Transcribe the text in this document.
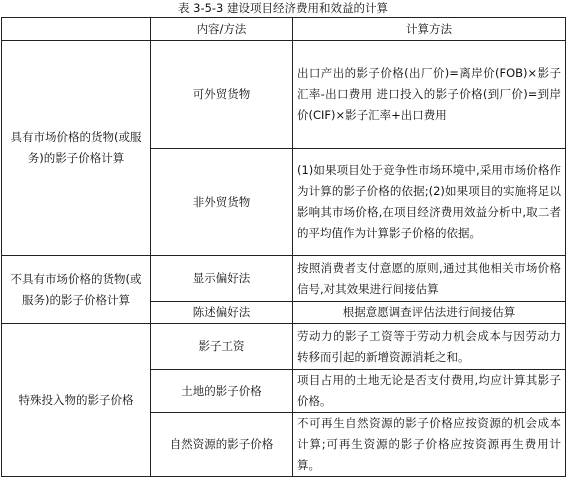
表 3-5-3 建设项目经济费用和效益的计算
	内容/方法	计算方法
具有市场价格的货物(或服务)的影子价格计算	可外贸货物	出口产出的影子价格(出厂价)=离岸价(FOB)×影子汇率-出口费用 进口投入的影子价格(到厂价)=到岸价(CIF)×影子汇率+出口费用
	非外贸货物	(1)如果项目处于竞争性市场环境中,采用市场价格作为计算的影子价格的依据;(2)如果项目的实施将足以影响其市场价格,在项目经济费用效益分析中,取二者的平均值作为计算影子价格的依据。
不具有市场价格的货物(或服务)的影子价格计算	显示偏好法	按照消费者支付意愿的原则,通过其他相关市场价格信号,对其效果进行间接估算
	陈述偏好法	根据意愿调查评估法进行间接估算
特殊投入物的影子价格	影子工资	劳动力的影子工资等于劳动力机会成本与因劳动力转移而引起的新增资源消耗之和。
	土地的影子价格	项目占用的土地无论是否支付费用,均应计算其影子价格。
	自然资源的影子价格	不可再生自然资源的影子价格应按资源的机会成本计算;可再生资源的影子价格应按资源再生费用计算。
